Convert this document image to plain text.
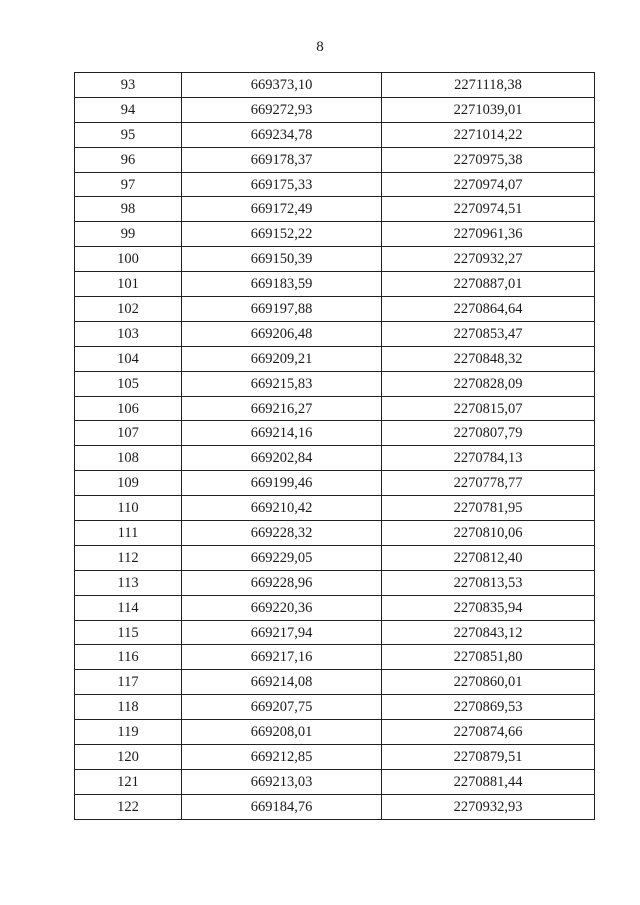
8
93	669373,10	2271118,38
94	669272,93	2271039,01
95	669234,78	2271014,22
96	669178,37	2270975,38
97	669175,33	2270974,07
98	669172,49	2270974,51
99	669152,22	2270961,36
100	669150,39	2270932,27
101	669183,59	2270887,01
102	669197,88	2270864,64
103	669206,48	2270853,47
104	669209,21	2270848,32
105	669215,83	2270828,09
106	669216,27	2270815,07
107	669214,16	2270807,79
108	669202,84	2270784,13
109	669199,46	2270778,77
110	669210,42	2270781,95
111	669228,32	2270810,06
112	669229,05	2270812,40
113	669228,96	2270813,53
114	669220,36	2270835,94
115	669217,94	2270843,12
116	669217,16	2270851,80
117	669214,08	2270860,01
118	669207,75	2270869,53
119	669208,01	2270874,66
120	669212,85	2270879,51
121	669213,03	2270881,44
122	669184,76	2270932,93
